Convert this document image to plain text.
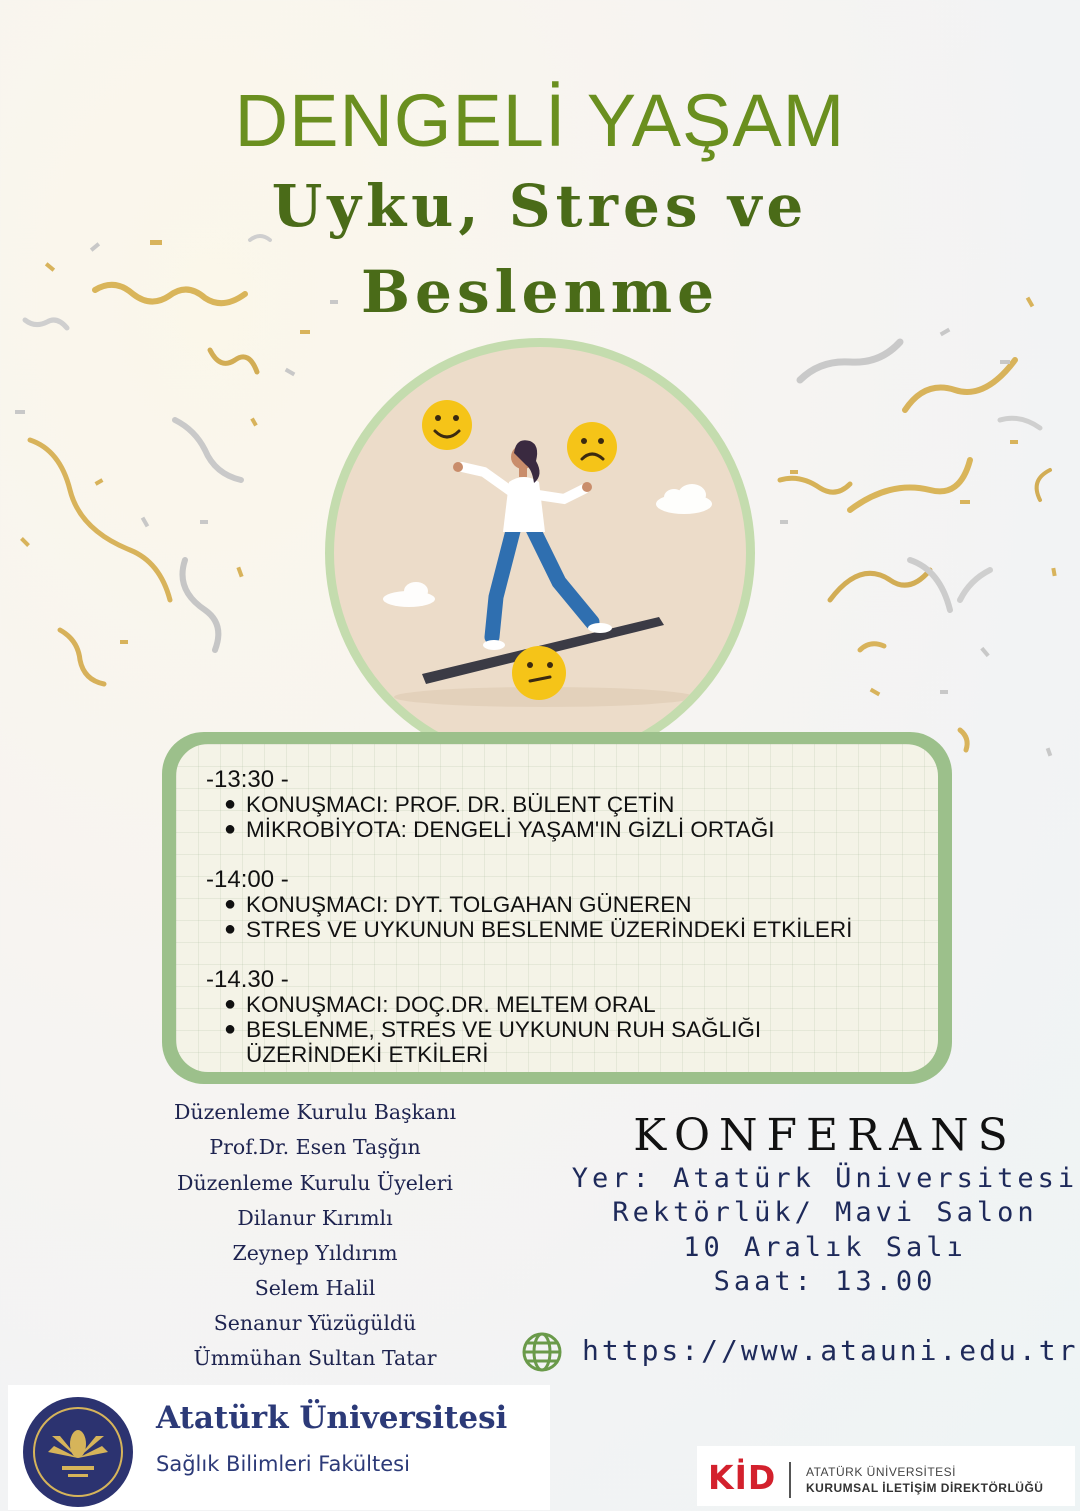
DENGELİ YAŞAM
Uyku, Stres ve
Beslenme
-13:30 -
● KONUŞMACI: PROF. DR. BÜLENT ÇETİN
● MİKROBİYOTA: DENGELİ YAŞAM'IN GİZLİ ORTAĞI
-14:00 -
● KONUŞMACI: DYT. TOLGAHAN GÜNEREN
● STRES VE UYKUNUN BESLENME ÜZERİNDEKİ ETKİLERİ
-14.30 -
● KONUŞMACI: DOÇ.DR. MELTEM ORAL
● BESLENME, STRES VE UYKUNUN RUH SAĞLIĞI ÜZERİNDEKİ ETKİLERİ
Düzenleme Kurulu Başkanı
Prof.Dr. Esen Taşğın
Düzenleme Kurulu Üyeleri
Dilanur Kırımlı
Zeynep Yıldırım
Selem Halil
Senanur Yüzügüldü
Ümmühan Sultan Tatar
KONFERANS
Yer: Atatürk Üniversitesi
Rektörlük/ Mavi Salon
10 Aralık Salı
Saat: 13.00
https://www.atauni.edu.tr
Atatürk Üniversitesi
Sağlık Bilimleri Fakültesi	KİD ATATÜRK ÜNİVERSİTESİ
KURUMSAL İLETİŞİM DİREKTÖRLÜĞÜ
